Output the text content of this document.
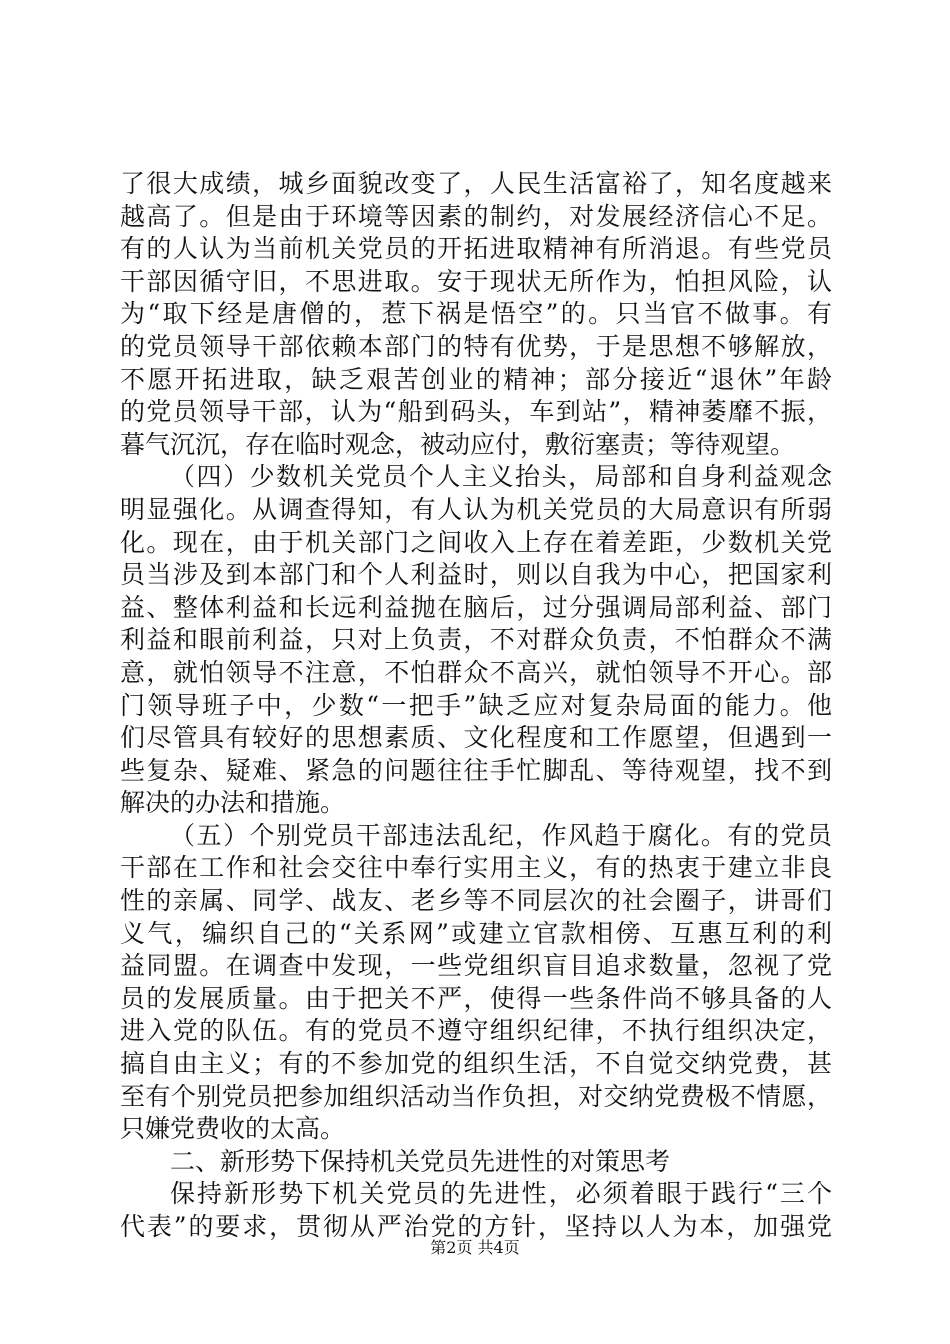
了很大成绩，城乡面貌改变了，人民生活富裕了，知名度越来
越高了。但是由于环境等因素的制约，对发展经济信心不足。
有的人认为当前机关党员的开拓进取精神有所消退。有些党员
干部因循守旧，不思进取。安于现状无所作为，怕担风险，认
为“取下经是唐僧的，惹下祸是悟空”的。只当官不做事。有
的党员领导干部依赖本部门的特有优势，于是思想不够解放，
不愿开拓进取，缺乏艰苦创业的精神；部分接近“退休”年龄
的党员领导干部，认为“船到码头，车到站”，精神萎靡不振，
暮气沉沉，存在临时观念，被动应付，敷衍塞责；等待观望。
（四）少数机关党员个人主义抬头，局部和自身利益观念
明显强化。从调查得知，有人认为机关党员的大局意识有所弱
化。现在，由于机关部门之间收入上存在着差距，少数机关党
员当涉及到本部门和个人利益时，则以自我为中心，把国家利
益、整体利益和长远利益抛在脑后，过分强调局部利益、部门
利益和眼前利益，只对上负责，不对群众负责，不怕群众不满
意，就怕领导不注意，不怕群众不高兴，就怕领导不开心。部
门领导班子中，少数“一把手”缺乏应对复杂局面的能力。他
们尽管具有较好的思想素质、文化程度和工作愿望，但遇到一
些复杂、疑难、紧急的问题往往手忙脚乱、等待观望，找不到
解决的办法和措施。
（五）个别党员干部违法乱纪，作风趋于腐化。有的党员
干部在工作和社会交往中奉行实用主义，有的热衷于建立非良
性的亲属、同学、战友、老乡等不同层次的社会圈子，讲哥们
义气，编织自己的“关系网”或建立官款相傍、互惠互利的利
益同盟。在调查中发现，一些党组织盲目追求数量，忽视了党
员的发展质量。由于把关不严，使得一些条件尚不够具备的人
进入党的队伍。有的党员不遵守组织纪律，不执行组织决定，
搞自由主义；有的不参加党的组织生活，不自觉交纳党费，甚
至有个别党员把参加组织活动当作负担，对交纳党费极不情愿，
只嫌党费收的太高。
二、新形势下保持机关党员先进性的对策思考
保持新形势下机关党员的先进性，必须着眼于践行“三个
代表”的要求，贯彻从严治党的方针，坚持以人为本，加强党
第2页 共4页
